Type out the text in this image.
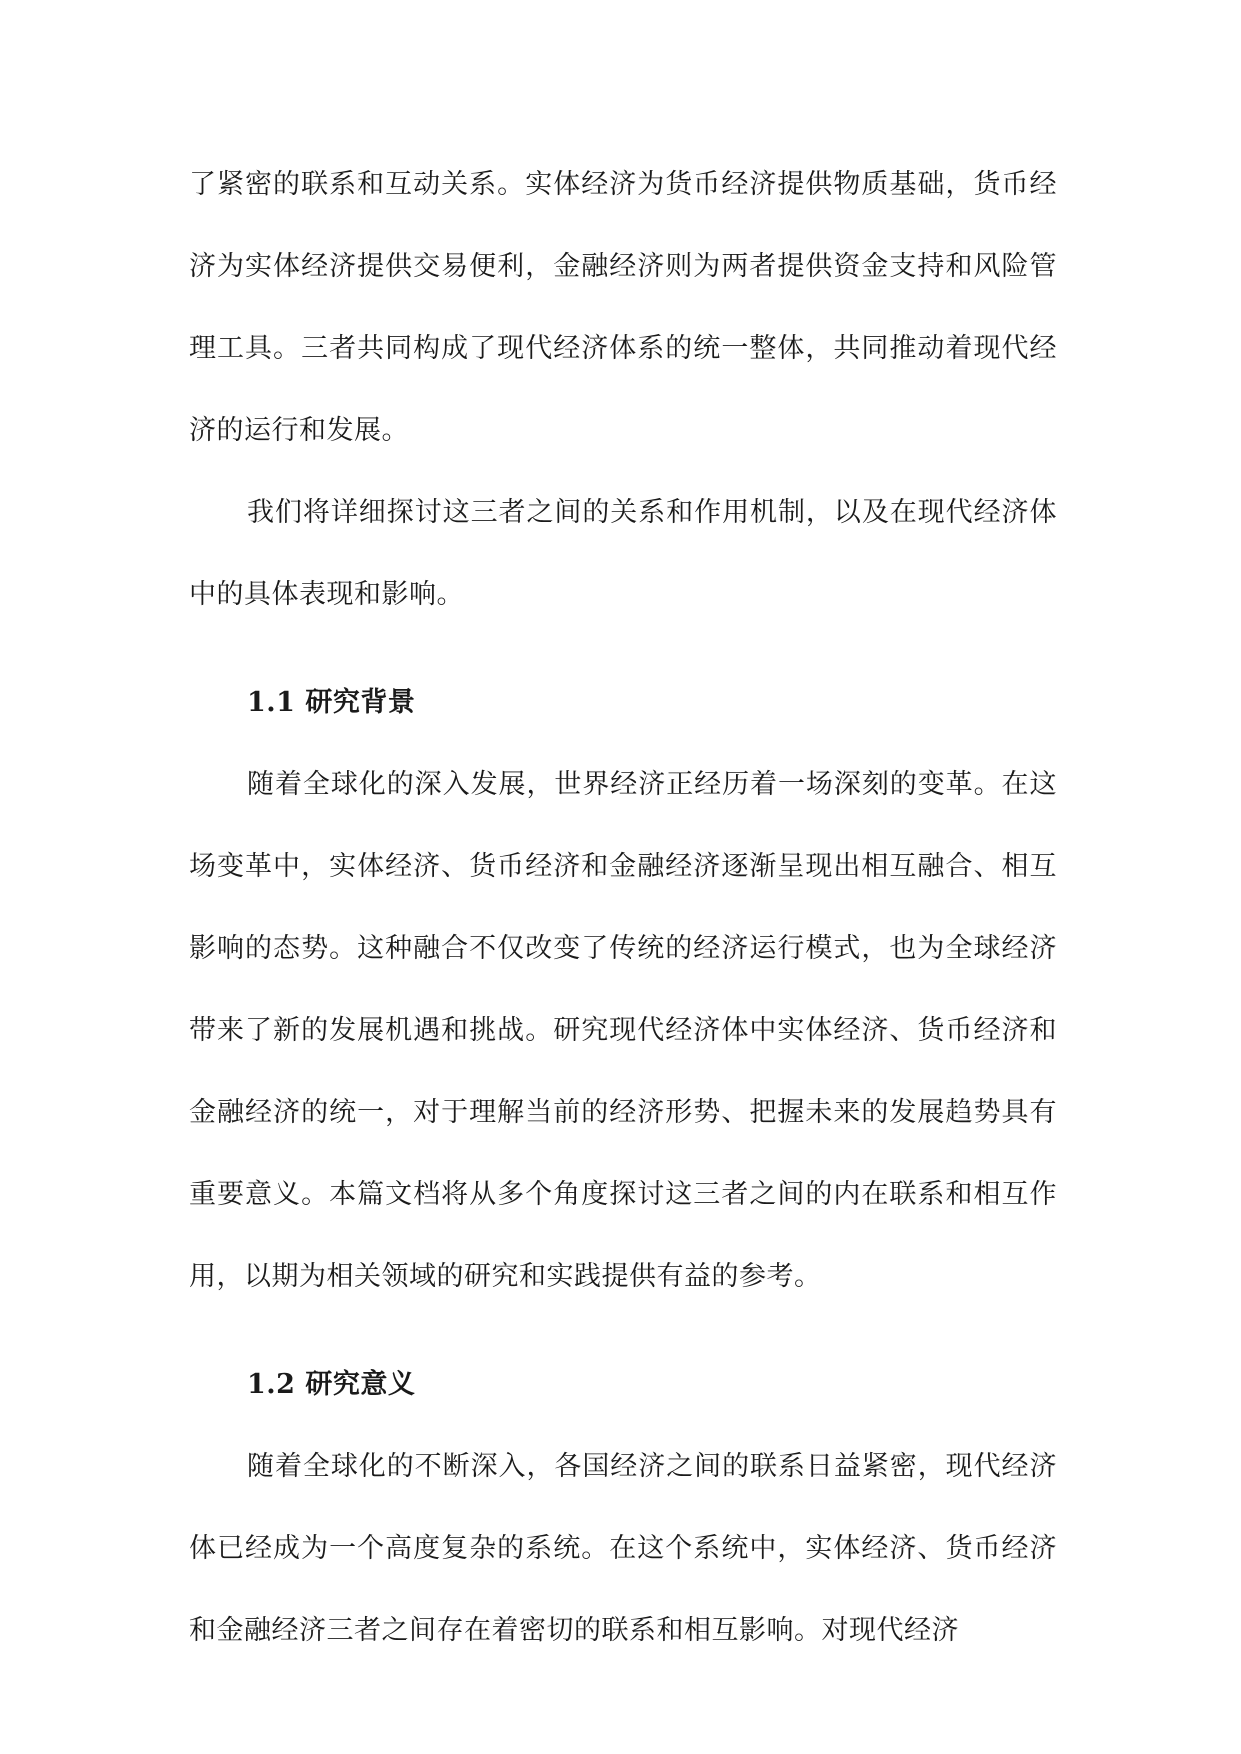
了紧密的联系和互动关系。实体经济为货币经济提供物质基础，货币经济为实体经济提供交易便利，金融经济则为两者提供资金支持和风险管理工具。三者共同构成了现代经济体系的统一整体，共同推动着现代经济的运行和发展。

我们将详细探讨这三者之间的关系和作用机制，以及在现代经济体中的具体表现和影响。

1.1 研究背景

随着全球化的深入发展，世界经济正经历着一场深刻的变革。在这场变革中，实体经济、货币经济和金融经济逐渐呈现出相互融合、相互影响的态势。这种融合不仅改变了传统的经济运行模式，也为全球经济带来了新的发展机遇和挑战。研究现代经济体中实体经济、货币经济和金融经济的统一，对于理解当前的经济形势、把握未来的发展趋势具有重要意义。本篇文档将从多个角度探讨这三者之间的内在联系和相互作用，以期为相关领域的研究和实践提供有益的参考。

1.2 研究意义

随着全球化的不断深入，各国经济之间的联系日益紧密，现代经济体已经成为一个高度复杂的系统。在这个系统中，实体经济、货币经济和金融经济三者之间存在着密切的联系和相互影响。对现代经济
